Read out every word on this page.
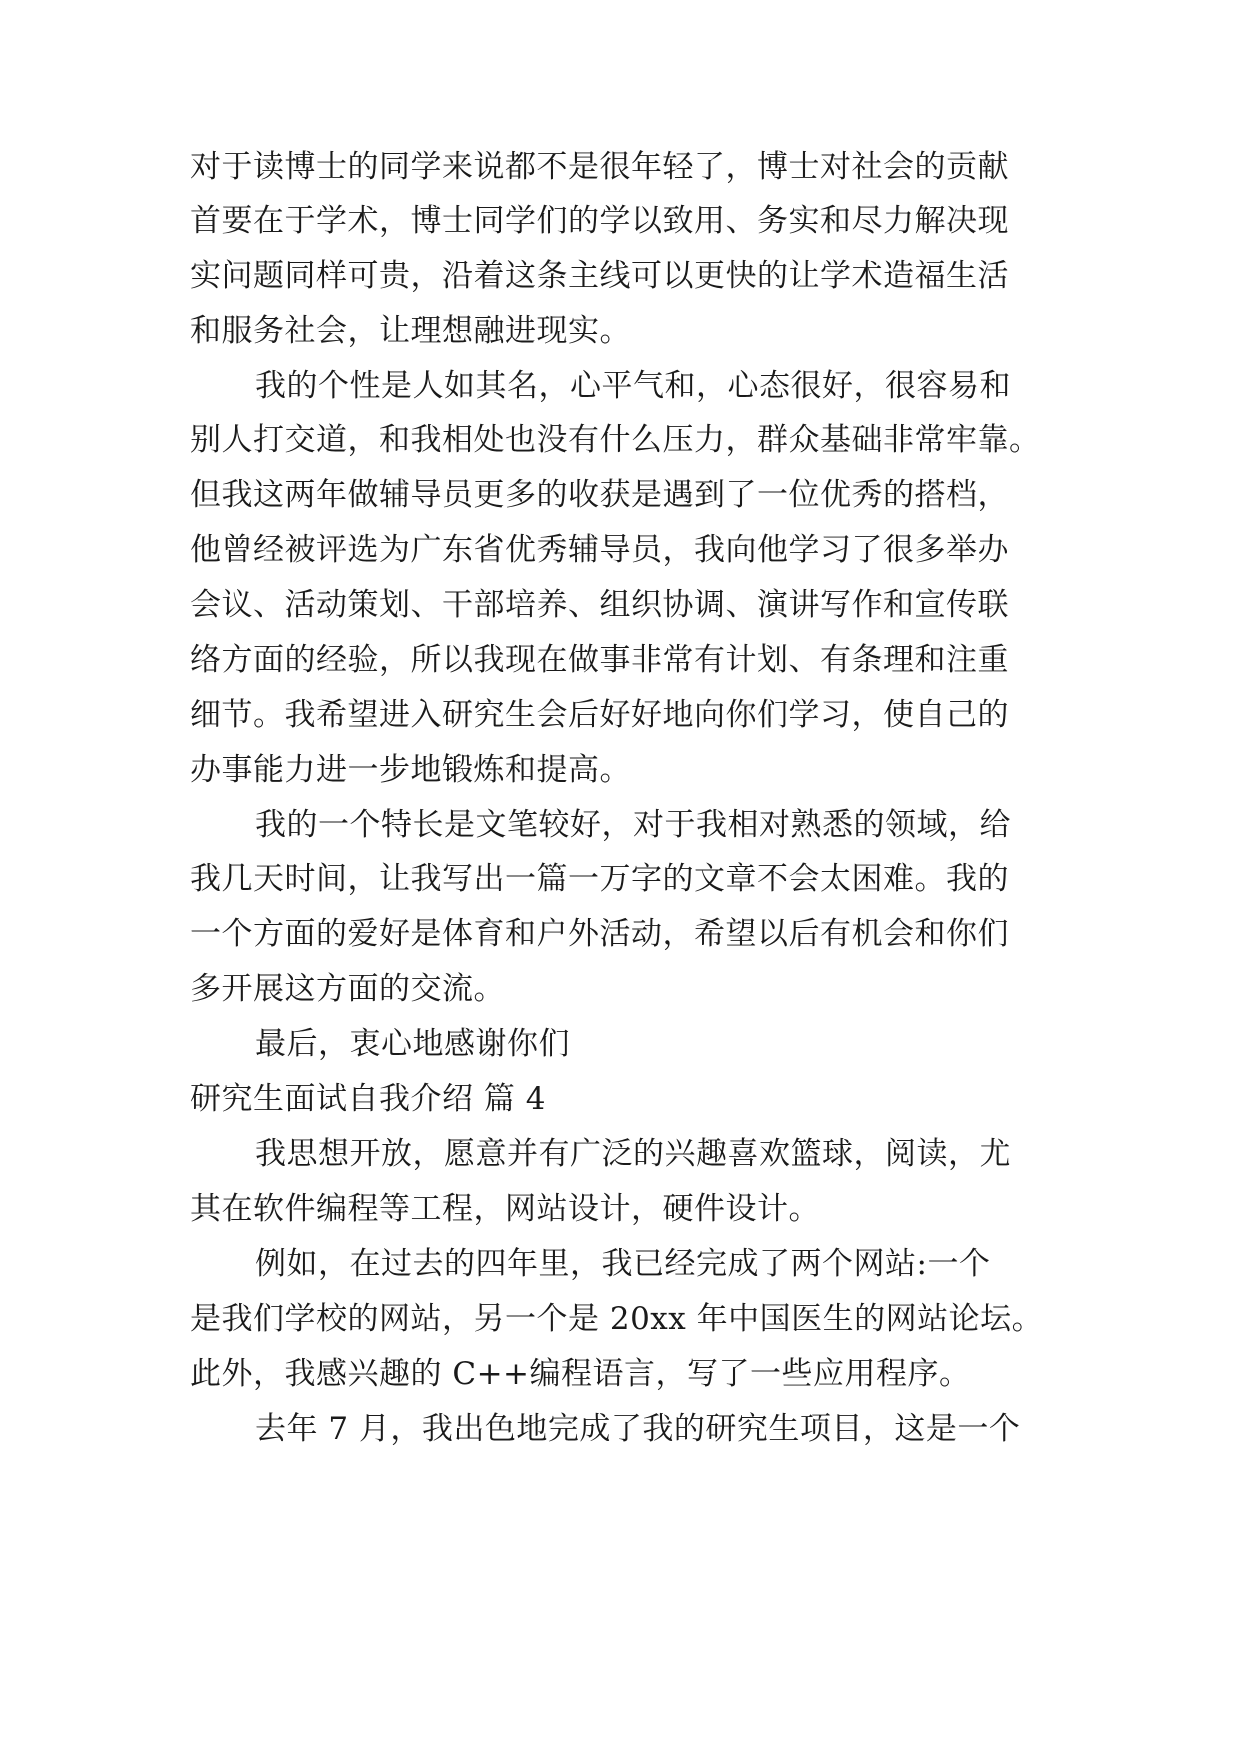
对于读博士的同学来说都不是很年轻了，博士对社会的贡献
首要在于学术，博士同学们的学以致用、务实和尽力解决现
实问题同样可贵，沿着这条主线可以更快的让学术造福生活
和服务社会，让理想融进现实。
我的个性是人如其名，心平气和，心态很好，很容易和
别人打交道，和我相处也没有什么压力，群众基础非常牢靠。
但我这两年做辅导员更多的收获是遇到了一位优秀的搭档，
他曾经被评选为广东省优秀辅导员，我向他学习了很多举办
会议、活动策划、干部培养、组织协调、演讲写作和宣传联
络方面的经验，所以我现在做事非常有计划、有条理和注重
细节。我希望进入研究生会后好好地向你们学习，使自己的
办事能力进一步地锻炼和提高。
我的一个特长是文笔较好，对于我相对熟悉的领域，给
我几天时间，让我写出一篇一万字的文章不会太困难。我的
一个方面的爱好是体育和户外活动，希望以后有机会和你们
多开展这方面的交流。
最后，衷心地感谢你们
研究生面试自我介绍 篇 4
我思想开放，愿意并有广泛的兴趣喜欢篮球，阅读，尤
其在软件编程等工程，网站设计，硬件设计。
例如，在过去的四年里，我已经完成了两个网站:一个
是我们学校的网站，另一个是 20xx 年中国医生的网站论坛。
此外，我感兴趣的 C++编程语言，写了一些应用程序。
去年 7 月，我出色地完成了我的研究生项目，这是一个
